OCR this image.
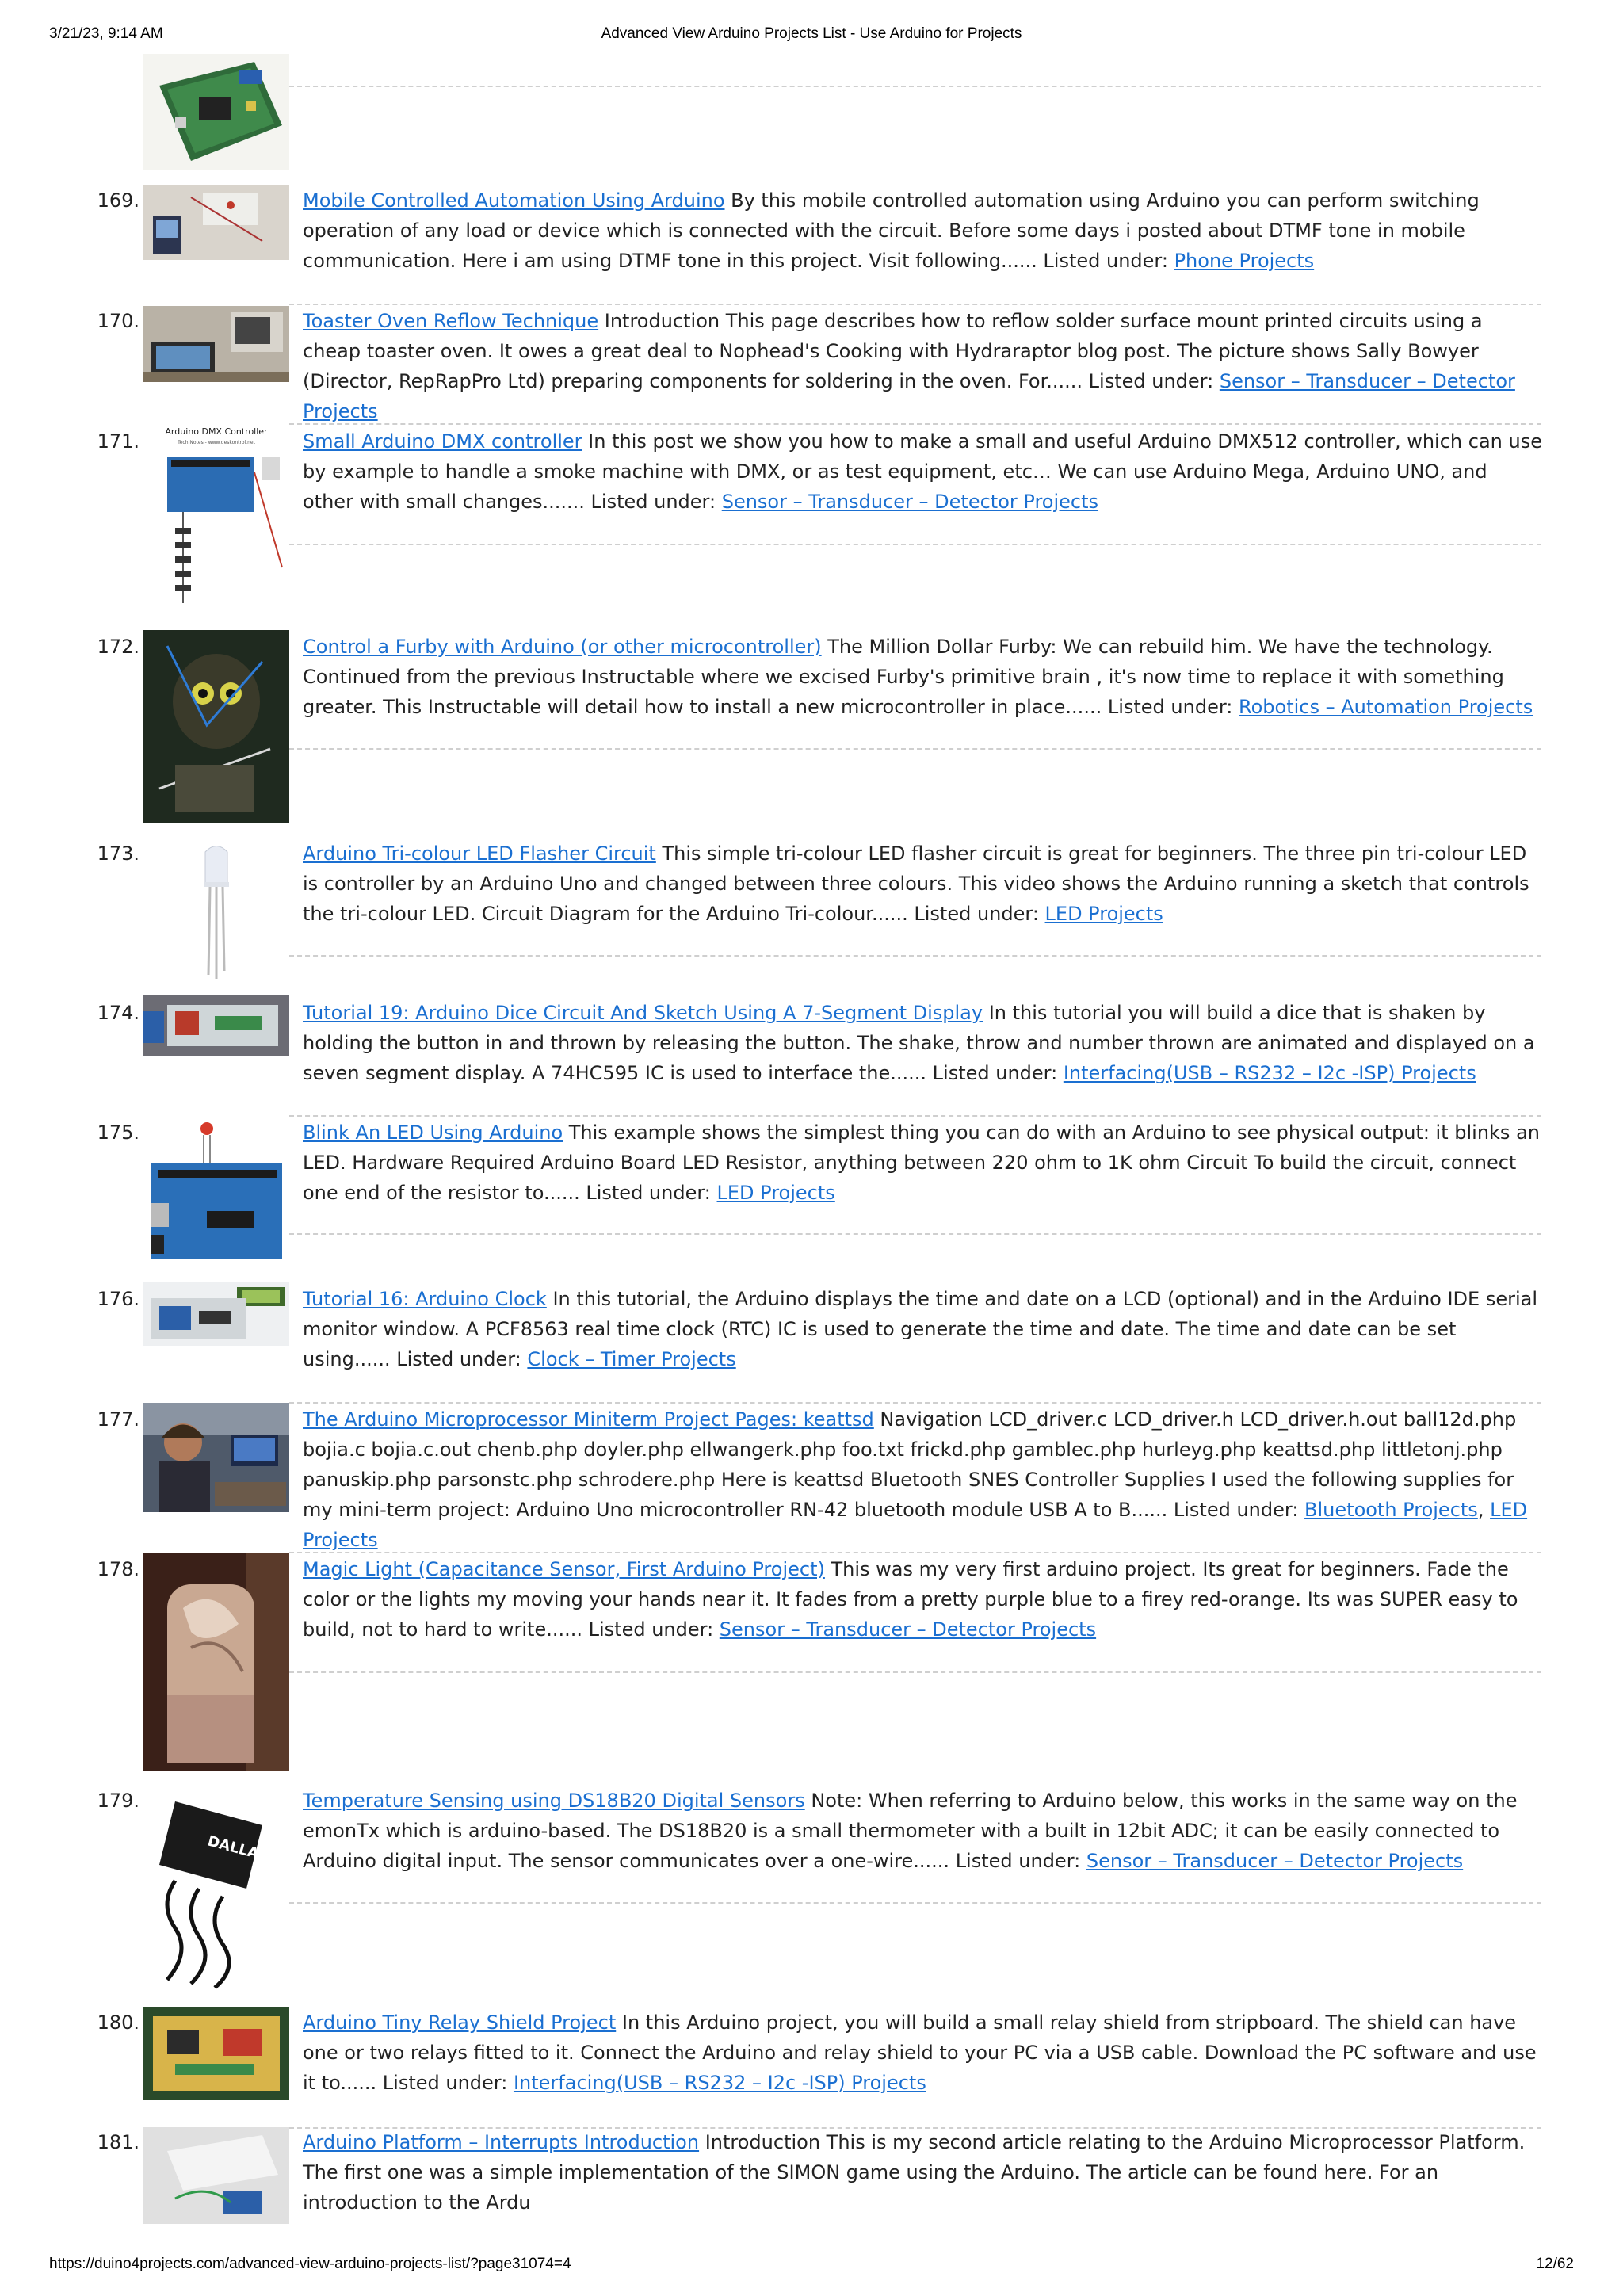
3/21/23, 9:14 AM	Advanced View Arduino Projects List - Use Arduino for Projects
169.	Mobile Controlled Automation Using Arduino By this mobile controlled automation using Arduino you can perform switching operation of any load or device which is connected with the circuit. Before some days i posted about DTMF tone in mobile communication. Here i am using DTMF tone in this project. Visit following...... Listed under: Phone Projects
170.	Toaster Oven Reflow Technique Introduction This page describes how to reflow solder surface mount printed circuits using a cheap toaster oven. It owes a great deal to Nophead's Cooking with Hydraraptor blog post. The picture shows Sally Bowyer (Director, RepRapPro Ltd) preparing components for soldering in the oven. For...... Listed under: Sensor – Transducer – Detector Projects
171.	Small Arduino DMX controller In this post we show you how to make a small and useful Arduino DMX512 controller, which can use by example to handle a smoke machine with DMX, or as test equipment, etc… We can use Arduino Mega, Arduino UNO, and other with small changes....... Listed under: Sensor – Transducer – Detector Projects
Arduino DMX Controller
Tech Notes - www.deskontrol.net
172.	Control a Furby with Arduino (or other microcontroller) The Million Dollar Furby: We can rebuild him. We have the technology. Continued from the previous Instructable where we excised Furby's primitive brain , it's now time to replace it with something greater. This Instructable will detail how to install a new microcontroller in place...... Listed under: Robotics – Automation Projects
173.	Arduino Tri-colour LED Flasher Circuit This simple tri-colour LED flasher circuit is great for beginners. The three pin tri-colour LED is controller by an Arduino Uno and changed between three colours. This video shows the Arduino running a sketch that controls the tri-colour LED. Circuit Diagram for the Arduino Tri-colour...... Listed under: LED Projects
174.	Tutorial 19: Arduino Dice Circuit And Sketch Using A 7-Segment Display In this tutorial you will build a dice that is shaken by holding the button in and thrown by releasing the button. The shake, throw and number thrown are animated and displayed on a seven segment display. A 74HC595 IC is used to interface the...... Listed under: Interfacing(USB – RS232 – I2c -ISP) Projects
175.	Blink An LED Using Arduino This example shows the simplest thing you can do with an Arduino to see physical output: it blinks an LED. Hardware Required Arduino Board LED Resistor, anything between 220 ohm to 1K ohm Circuit To build the circuit, connect one end of the resistor to...... Listed under: LED Projects
176.	Tutorial 16: Arduino Clock In this tutorial, the Arduino displays the time and date on a LCD (optional) and in the Arduino IDE serial monitor window. A PCF8563 real time clock (RTC) IC is used to generate the time and date. The time and date can be set using...... Listed under: Clock – Timer Projects
177.	The Arduino Microprocessor Miniterm Project Pages: keattsd Navigation LCD_driver.c LCD_driver.h LCD_driver.h.out ball12d.php bojia.c bojia.c.out chenb.php doyler.php ellwangerk.php foo.txt frickd.php gamblec.php hurleyg.php keattsd.php littletonj.php panuskip.php parsonstc.php schrodere.php Here is keattsd Bluetooth SNES Controller Supplies I used the following supplies for my mini-term project: Arduino Uno microcontroller RN-42 bluetooth module USB A to B...... Listed under: Bluetooth Projects, LED Projects
178.	Magic Light (Capacitance Sensor, First Arduino Project) This was my very first arduino project. Its great for beginners. Fade the color or the lights my moving your hands near it. It fades from a pretty purple blue to a firey red-orange. Its was SUPER easy to build, not to hard to write...... Listed under: Sensor – Transducer – Detector Projects
179.	Temperature Sensing using DS18B20 Digital Sensors Note: When referring to Arduino below, this works in the same way on the emonTx which is arduino-based. The DS18B20 is a small thermometer with a built in 12bit ADC; it can be easily connected to Arduino digital input. The sensor communicates over a one-wire...... Listed under: Sensor – Transducer – Detector Projects
DALLAS
180.	Arduino Tiny Relay Shield Project In this Arduino project, you will build a small relay shield from stripboard. The shield can have one or two relays fitted to it. Connect the Arduino and relay shield to your PC via a USB cable. Download the PC software and use it to...... Listed under: Interfacing(USB – RS232 – I2c -ISP) Projects
181.	Arduino Platform – Interrupts Introduction Introduction This is my second article relating to the Arduino Microprocessor Platform. The first one was a simple implementation of the SIMON game using the Arduino. The article can be found here. For an introduction to the Ardu
https://duino4projects.com/advanced-view-arduino-projects-list/?page31074=4	12/62
